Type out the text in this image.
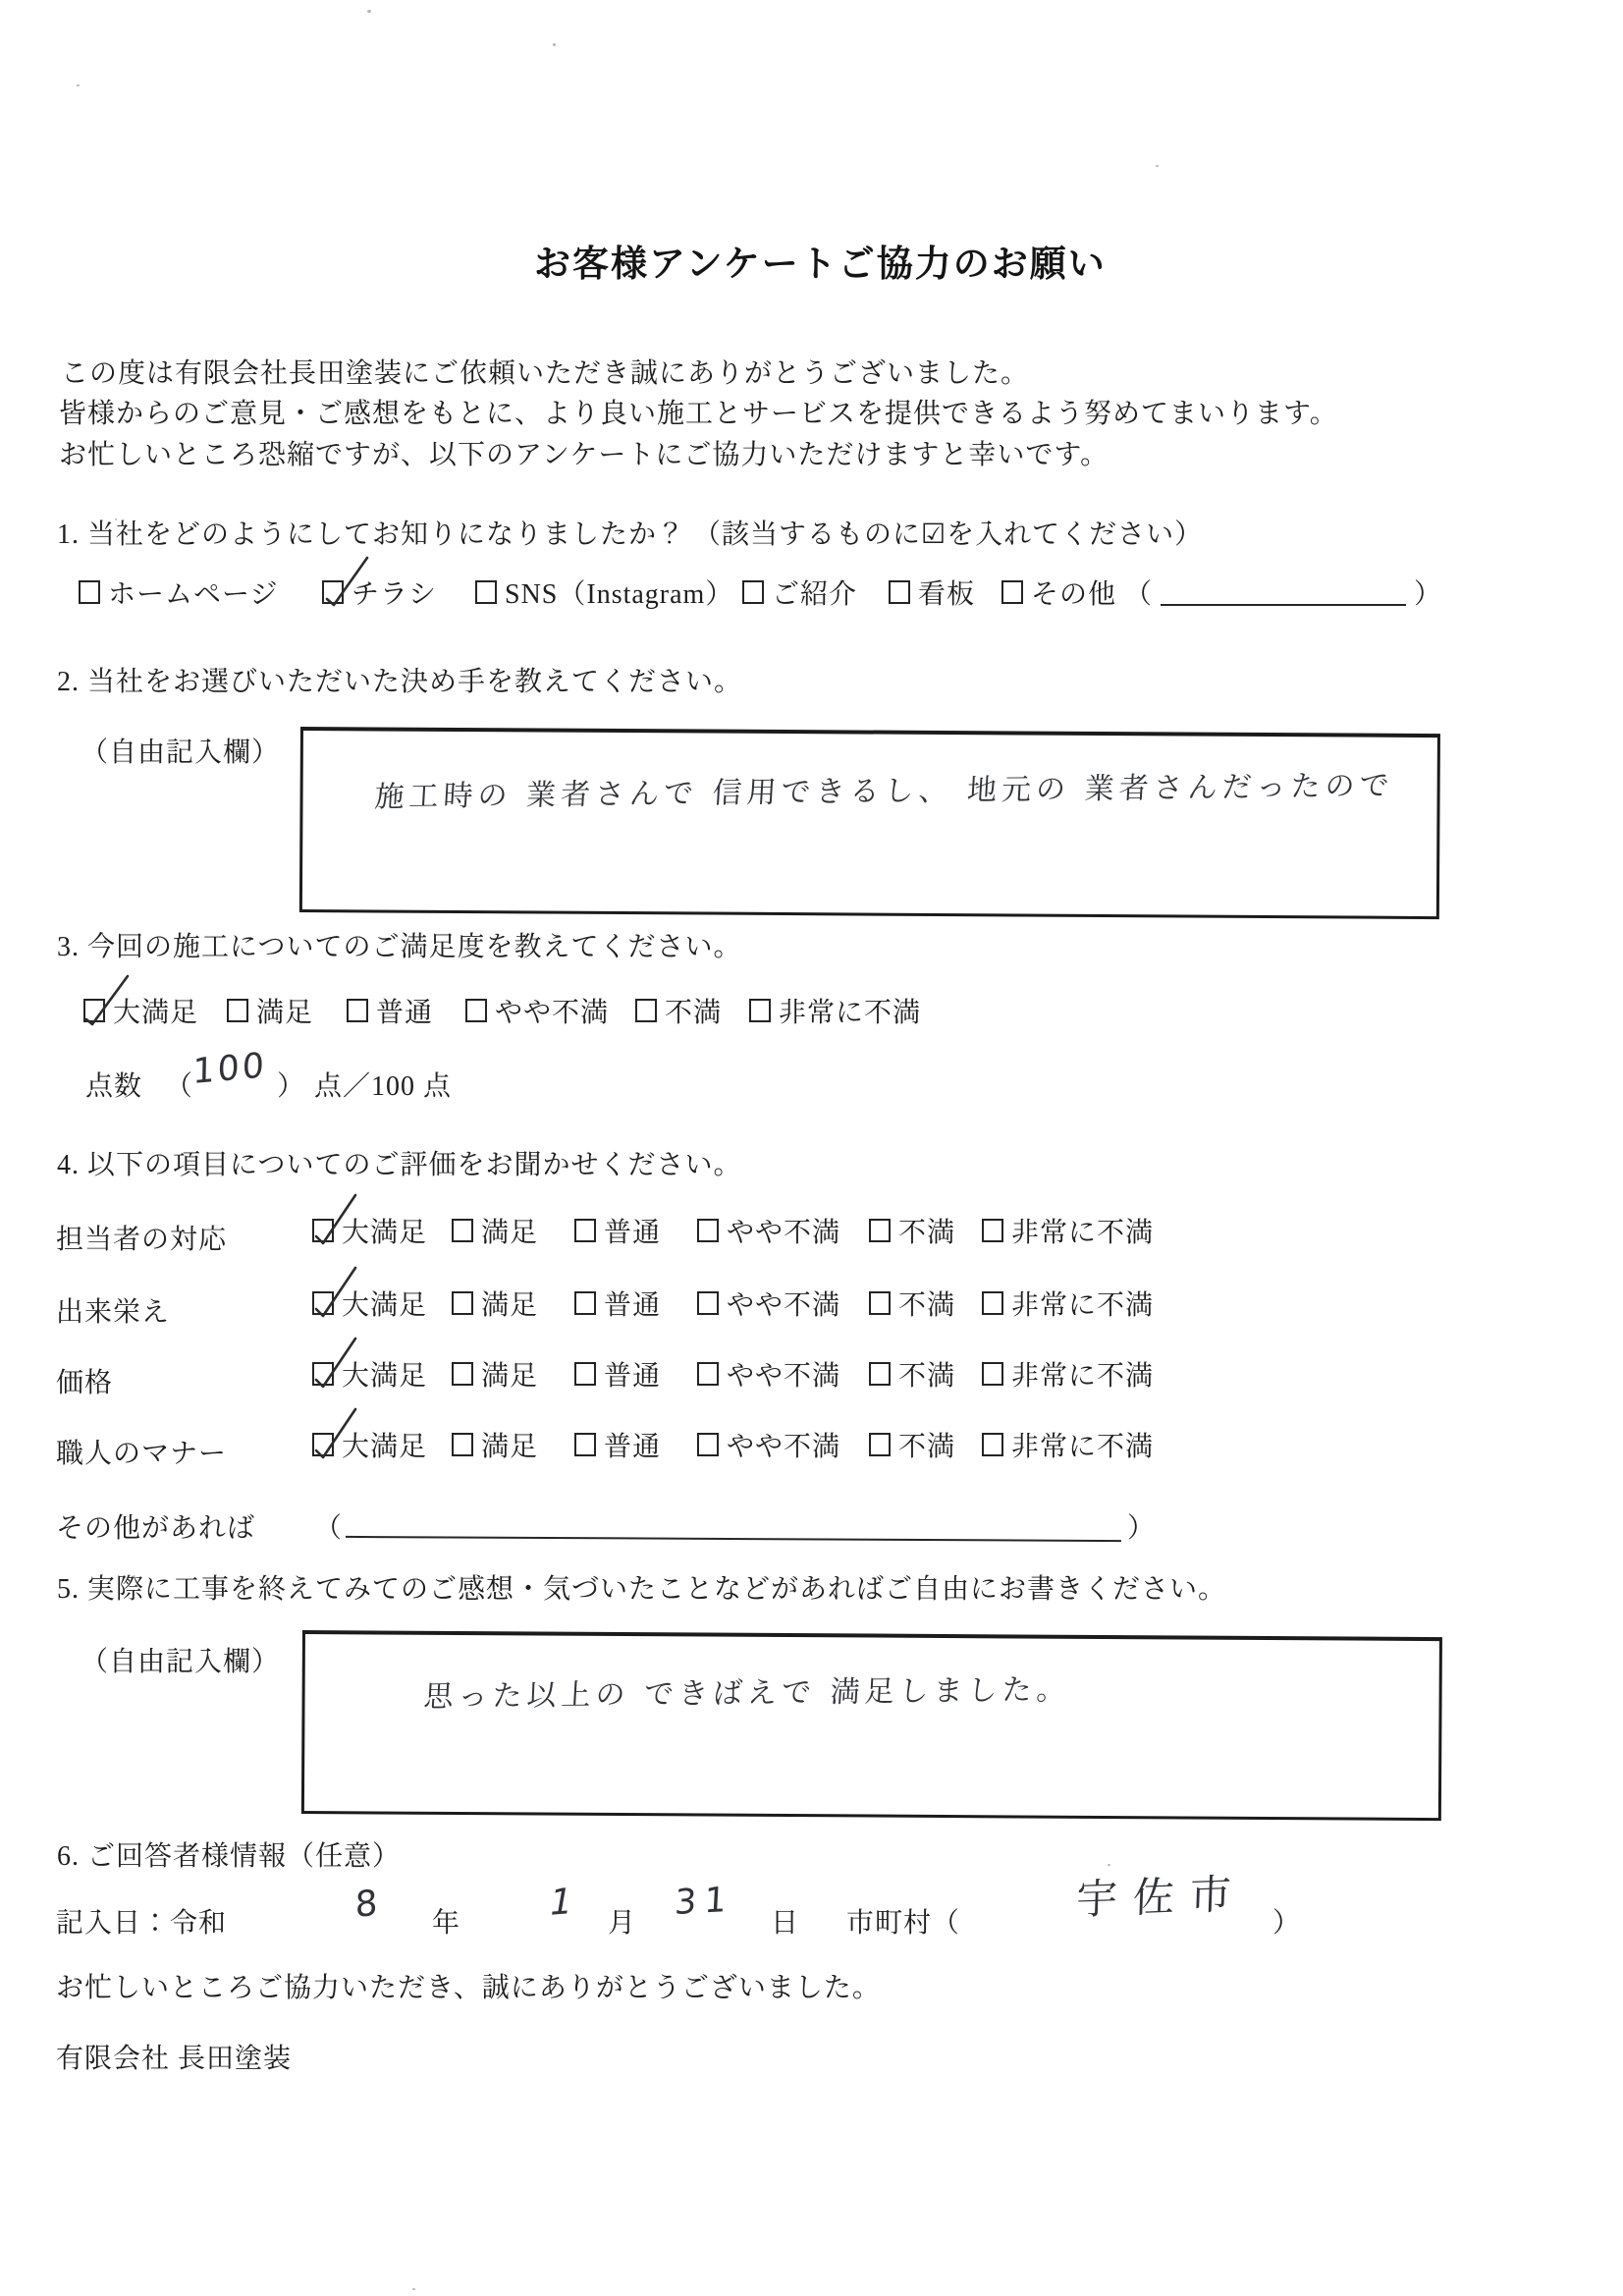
お客様アンケートご協力のお願い
この度は有限会社長田塗装にご依頼いただき誠にありがとうございました。
皆様からのご意見・ご感想をもとに、より良い施工とサービスを提供できるよう努めてまいります。
お忙しいところ恐縮ですが、以下のアンケートにご協力いただけますと幸いです。
1. 当社をどのようにしてお知りになりましたか？ （該当するものに☑を入れてください）
ホームページ	チラシ SNS（Instagram） ご紹介 看板 その他 （	）
2. 当社をお選びいただいた決め手を教えてください。
（自由記入欄）
施工時の 業者さんで 信用できるし、 地元の 業者さんだったので
3. 今回の施工についてのご満足度を教えてください。
大満足 満足 普通 やや不満 不満 非常に不満
点数 （
100 ） 点／100 点
4. 以下の項目についてのご評価をお聞かせください。
担当者の対応	大満足 満足 普通 やや不満 不満 非常に不満
出来栄え	大満足 満足 普通 やや不満 不満 非常に不満
価格	大満足 満足 普通 やや不満 不満 非常に不満
職人のマナー	大満足 満足 普通 やや不満 不満 非常に不満
その他があれば （	）
5. 実際に工事を終えてみてのご感想・気づいたことなどがあればご自由にお書きください。
（自由記入欄）
思った以上の できばえで 満足しました。
6. ご回答者様情報（任意）
記入日：令和	8 年 1 月
31
日 市町村（	宇佐市 ）
お忙しいところご協力いただき、誠にありがとうございました。
有限会社 長田塗装
